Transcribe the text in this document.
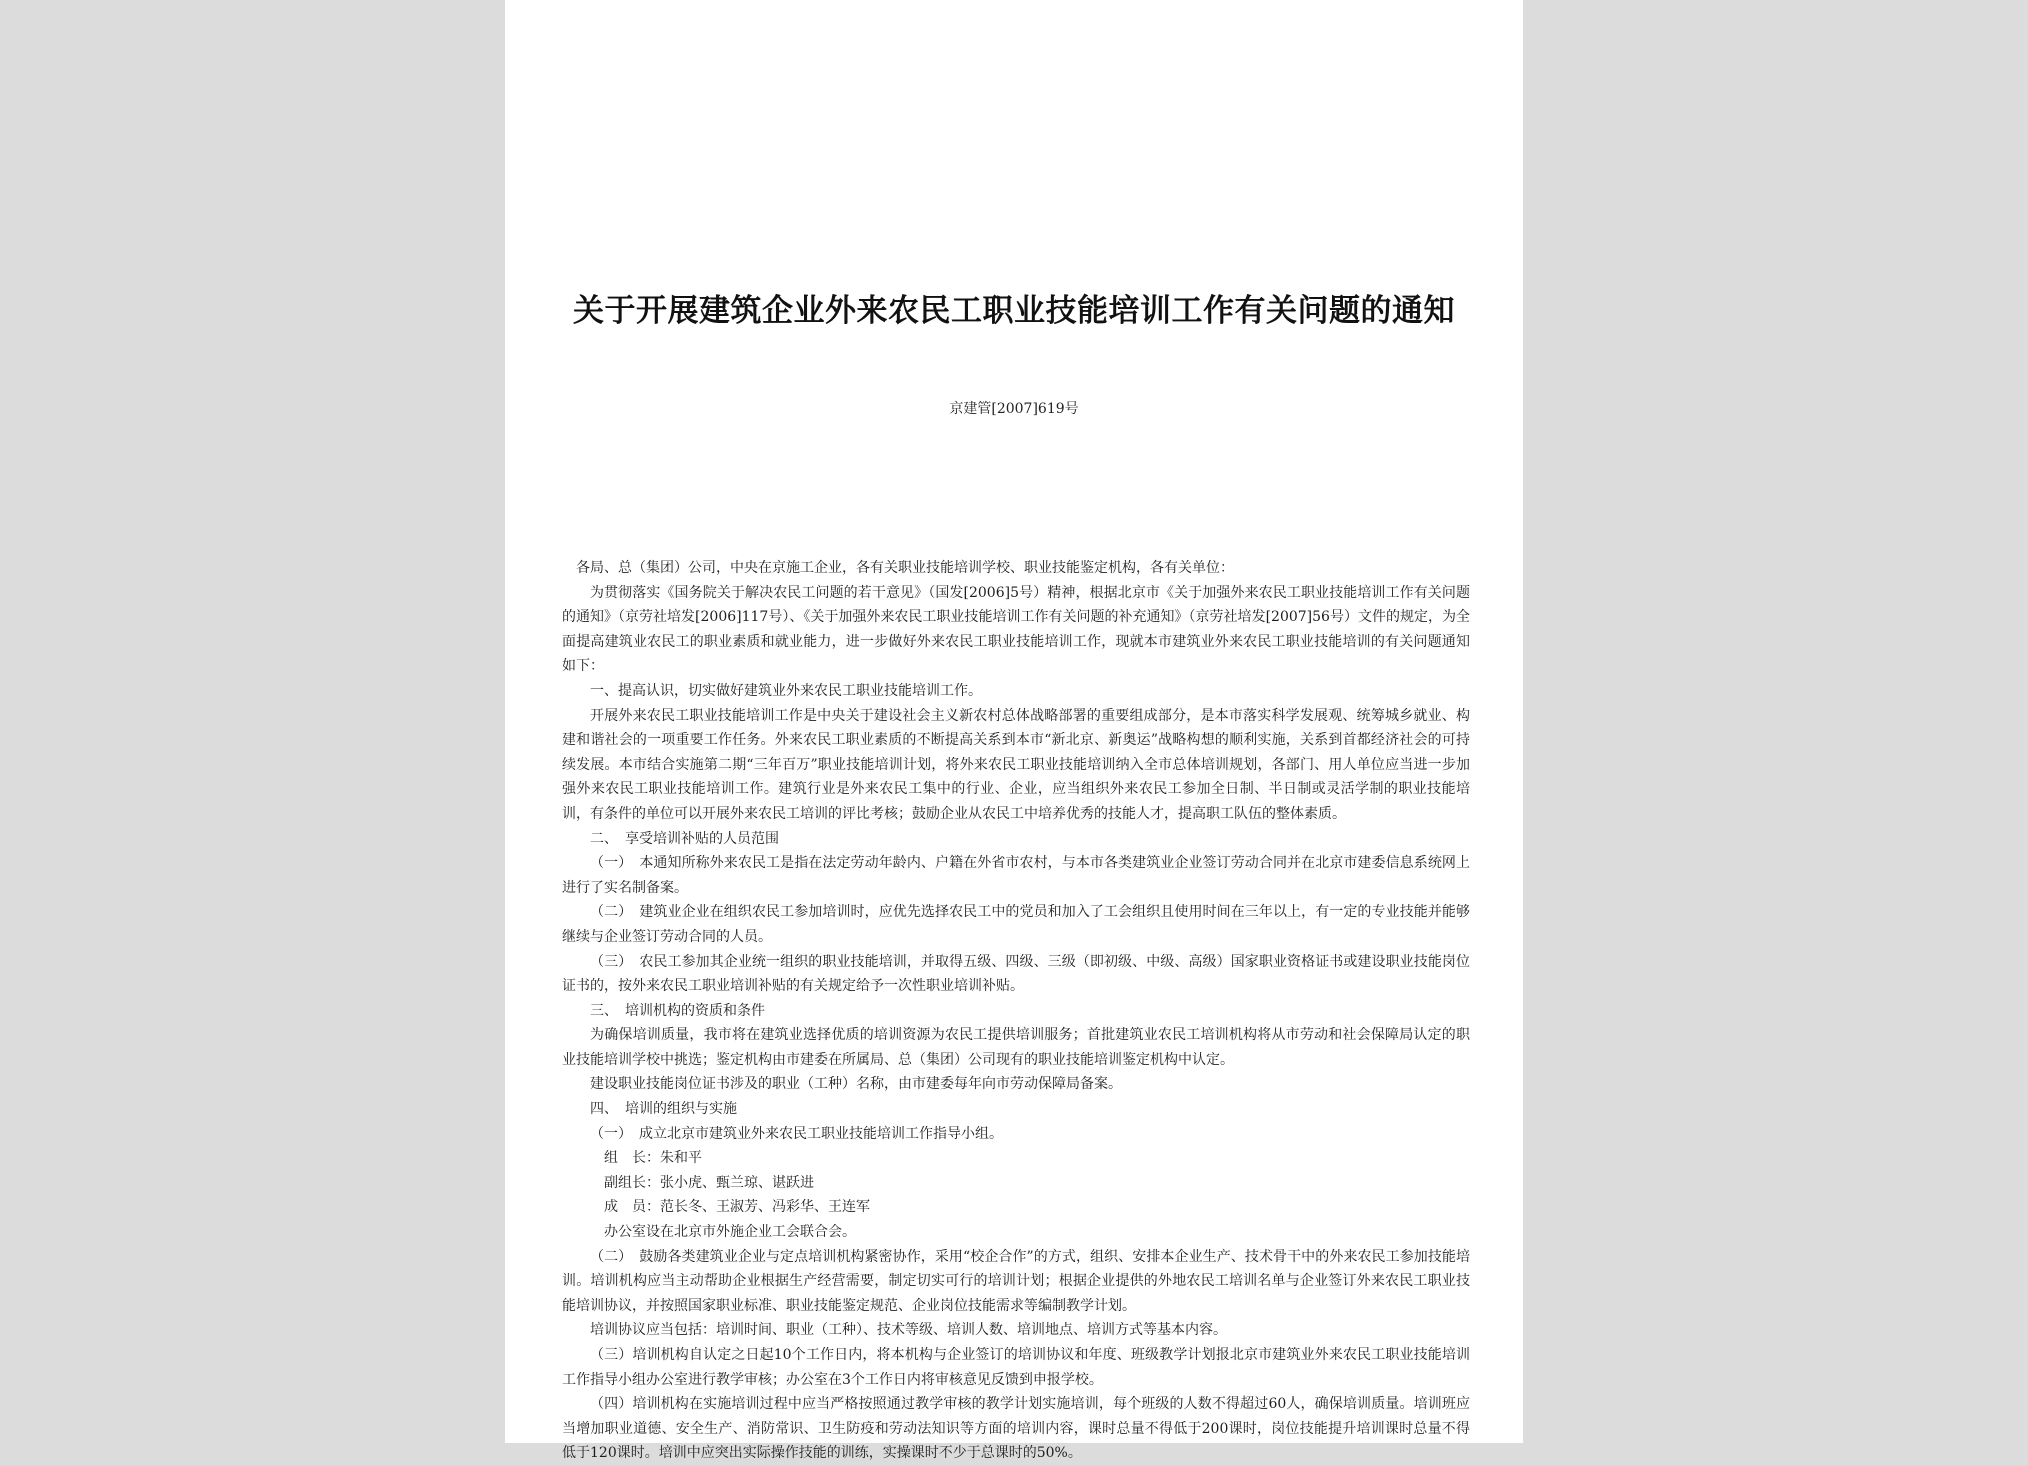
关于开展建筑企业外来农民工职业技能培训工作有关问题的通知
京建管[2007]619号

各局、总（集团）公司，中央在京施工企业，各有关职业技能培训学校、职业技能鉴定机构，各有关单位：

为贯彻落实《国务院关于解决农民工问题的若干意见》（国发[2006]5号）精神，根据北京市《关于加强外来农民工职业技能培训工作有关问题的通知》（京劳社培发[2006]117号）、《关于加强外来农民工职业技能培训工作有关问题的补充通知》（京劳社培发[2007]56号）文件的规定，为全面提高建筑业农民工的职业素质和就业能力，进一步做好外来农民工职业技能培训工作，现就本市建筑业外来农民工职业技能培训的有关问题通知如下：

一、提高认识，切实做好建筑业外来农民工职业技能培训工作。

开展外来农民工职业技能培训工作是中央关于建设社会主义新农村总体战略部署的重要组成部分，是本市落实科学发展观、统筹城乡就业、构建和谐社会的一项重要工作任务。外来农民工职业素质的不断提高关系到本市“新北京、新奥运”战略构想的顺利实施，关系到首都经济社会的可持续发展。本市结合实施第二期“三年百万”职业技能培训计划，将外来农民工职业技能培训纳入全市总体培训规划，各部门、用人单位应当进一步加强外来农民工职业技能培训工作。建筑行业是外来农民工集中的行业、企业，应当组织外来农民工参加全日制、半日制或灵活学制的职业技能培训，有条件的单位可以开展外来农民工培训的评比考核；鼓励企业从农民工中培养优秀的技能人才，提高职工队伍的整体素质。

二、　享受培训补贴的人员范围

（一）　本通知所称外来农民工是指在法定劳动年龄内、户籍在外省市农村，与本市各类建筑业企业签订劳动合同并在北京市建委信息系统网上进行了实名制备案。

（二）　建筑业企业在组织农民工参加培训时，应优先选择农民工中的党员和加入了工会组织且使用时间在三年以上，有一定的专业技能并能够继续与企业签订劳动合同的人员。

（三）　农民工参加其企业统一组织的职业技能培训，并取得五级、四级、三级（即初级、中级、高级）国家职业资格证书或建设职业技能岗位证书的，按外来农民工职业培训补贴的有关规定给予一次性职业培训补贴。

三、　培训机构的资质和条件

为确保培训质量，我市将在建筑业选择优质的培训资源为农民工提供培训服务；首批建筑业农民工培训机构将从市劳动和社会保障局认定的职业技能培训学校中挑选；鉴定机构由市建委在所属局、总（集团）公司现有的职业技能培训鉴定机构中认定。

建设职业技能岗位证书涉及的职业（工种）名称，由市建委每年向市劳动保障局备案。

四、　培训的组织与实施

（一）　成立北京市建筑业外来农民工职业技能培训工作指导小组。

组　长：朱和平

副组长：张小虎、甄兰琼、谌跃进

成　员：范长冬、王淑芳、冯彩华、王连军

办公室设在北京市外施企业工会联合会。

（二）　鼓励各类建筑业企业与定点培训机构紧密协作，采用“校企合作”的方式，组织、安排本企业生产、技术骨干中的外来农民工参加技能培训。培训机构应当主动帮助企业根据生产经营需要，制定切实可行的培训计划；根据企业提供的外地农民工培训名单与企业签订外来农民工职业技能培训协议，并按照国家职业标准、职业技能鉴定规范、企业岗位技能需求等编制教学计划。

培训协议应当包括：培训时间、职业（工种）、技术等级、培训人数、培训地点、培训方式等基本内容。

（三）培训机构自认定之日起10个工作日内，将本机构与企业签订的培训协议和年度、班级教学计划报北京市建筑业外来农民工职业技能培训工作指导小组办公室进行教学审核；办公室在3个工作日内将审核意见反馈到申报学校。

（四）培训机构在实施培训过程中应当严格按照通过教学审核的教学计划实施培训，每个班级的人数不得超过60人，确保培训质量。培训班应当增加职业道德、安全生产、消防常识、卫生防疫和劳动法知识等方面的培训内容，课时总量不得低于200课时，岗位技能提升培训课时总量不得低于120课时。培训中应突出实际操作技能的训练，实操课时不少于总课时的50%。
